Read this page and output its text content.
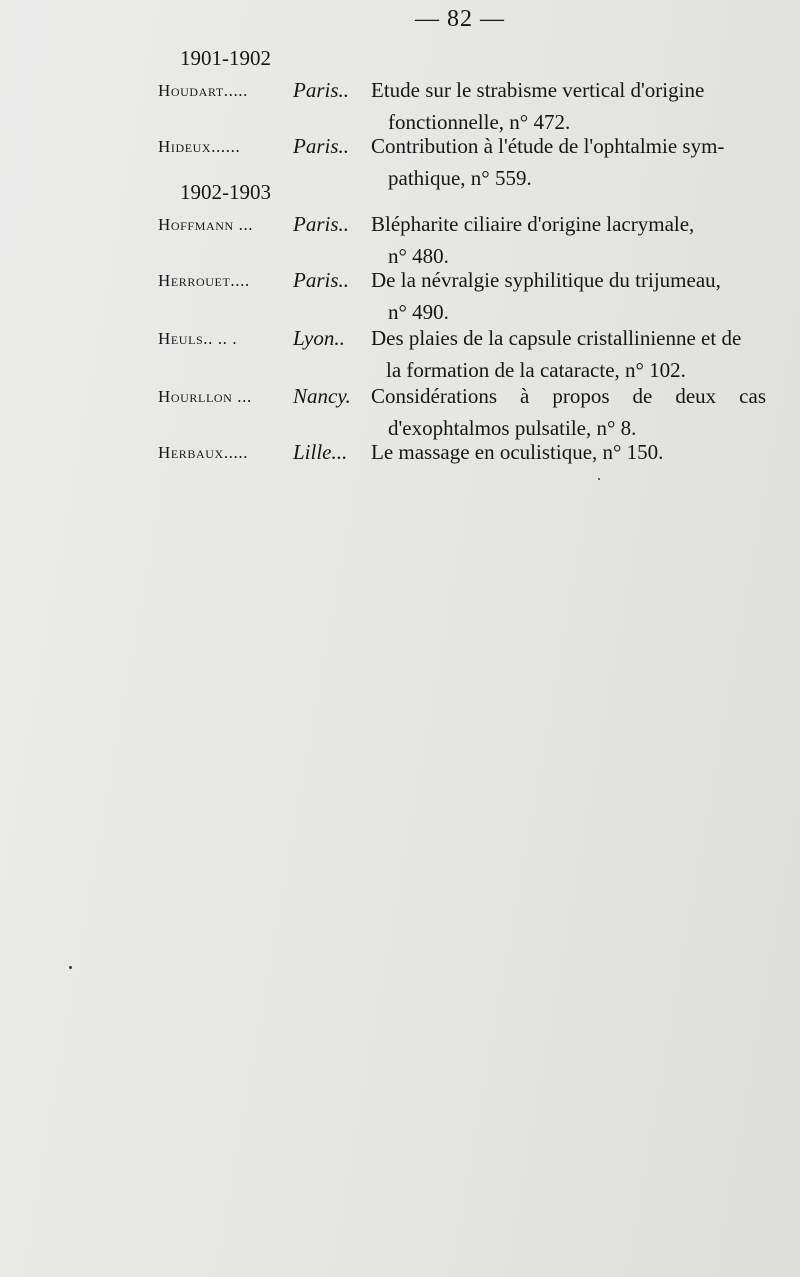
— 82 —
1901-1902
Houdart..... Paris.. Etude sur le strabisme vertical d'origine
fonctionnelle, n° 472.
Hideux......	Paris.. Contribution à l'étude de l'ophtalmie sym-
pathique, n° 559.
1902-1903
Hoffmann ... Paris.. Blépharite ciliaire d'origine lacrymale,
n° 480.
Herrouet.... Paris.. De la névralgie syphilitique du trijumeau,
n° 490.
Heuls.. .. .	Lyon.. Des plaies de la capsule cristallinienne et de
la formation de la cataracte, n° 102.
Hourllon ... Nancy. Considérations à propos de deux cas
d'exophtalmos pulsatile, n° 8.
Herbaux..... Lille... Le massage en oculistique, n° 150.
